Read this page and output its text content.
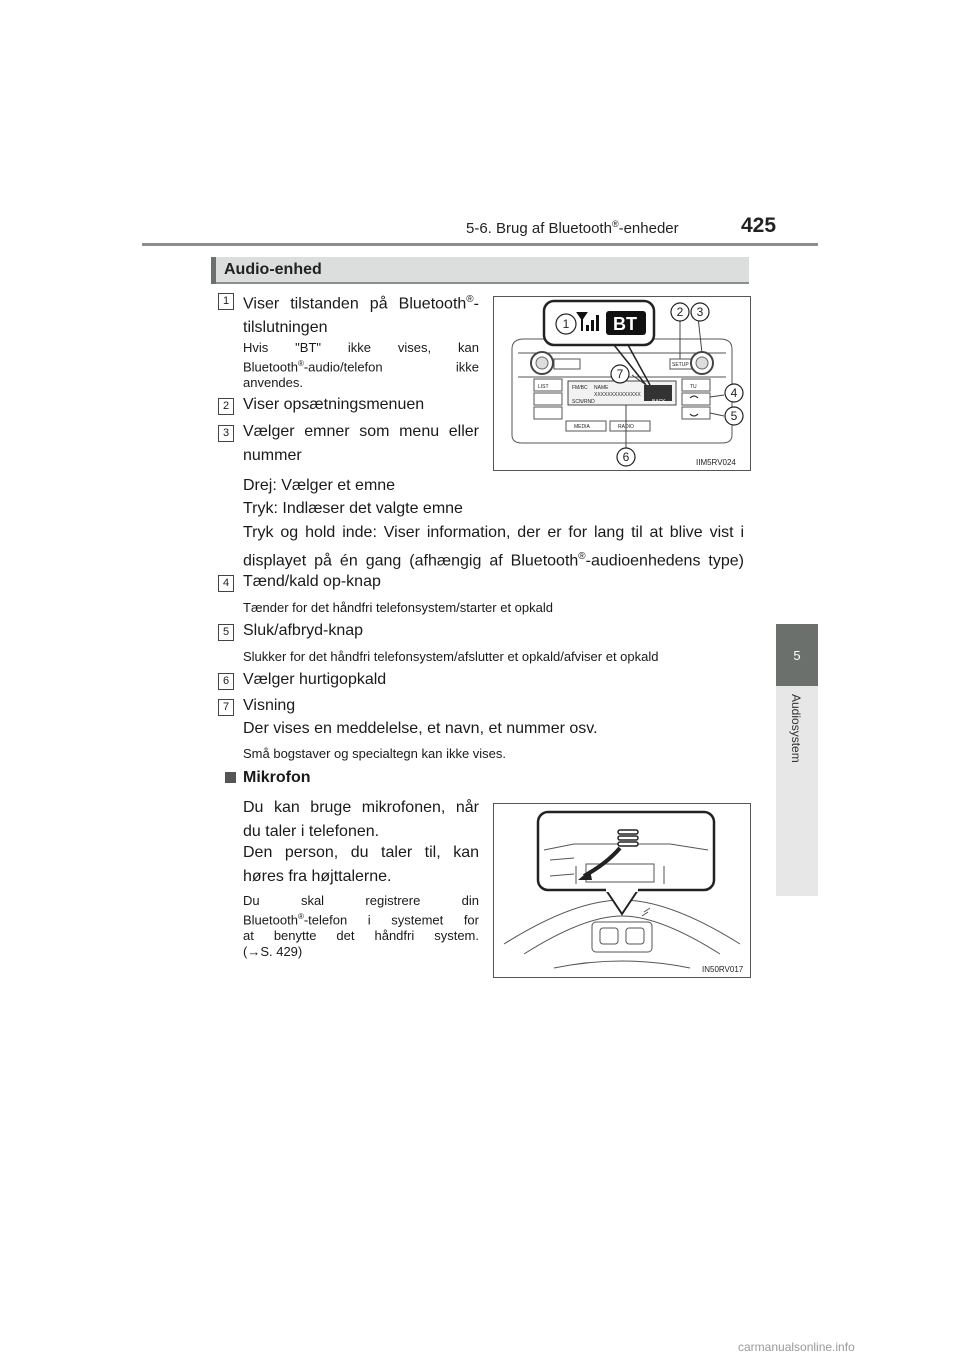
5-6. Brug af Bluetooth®-enheder	425
5
Audiosystem
Audio-enhed
1 Viser tilstanden på Bluetooth®-
tilslutningen
Hvis "BT" ikke vises, kan
Bluetooth®-audio/telefon ikke
anvendes.
2 Viser opsætningsmenuen
3 Vælger emner som menu eller
nummer
Drej: Vælger et emne
Tryk: Indlæser det valgte emne
Tryk og hold inde: Viser information, der er for lang til at blive vist i
displayet på én gang (afhængig af Bluetooth®-audioenhedens type)
4 Tænd/kald op-knap
Tænder for det håndfri telefonsystem/starter et opkald
5 Sluk/afbryd-knap
Slukker for det håndfri telefonsystem/afslutter et opkald/afviser et opkald
6 Vælger hurtigopkald
7 Visning
Der vises en meddelelse, et navn, et nummer osv.
Små bogstaver og specialtegn kan ikke vises.
Mikrofon
Du kan bruge mikrofonen, når
du taler i telefonen.
Den person, du taler til, kan
høres fra højttalerne.
Du skal registrere din
Bluetooth®-telefon i systemet for
at benytte det håndfri system.
(→S. 429)
FM/BC NAME
XXXXXXXXXXXXXX
SCN/RND
LIST
SETUP
TU
MEDIA	RADIO
BACK
BT
1
2 3
4
5
6
7
IIM5RV024
IN50RV017
carmanualsonline.info
